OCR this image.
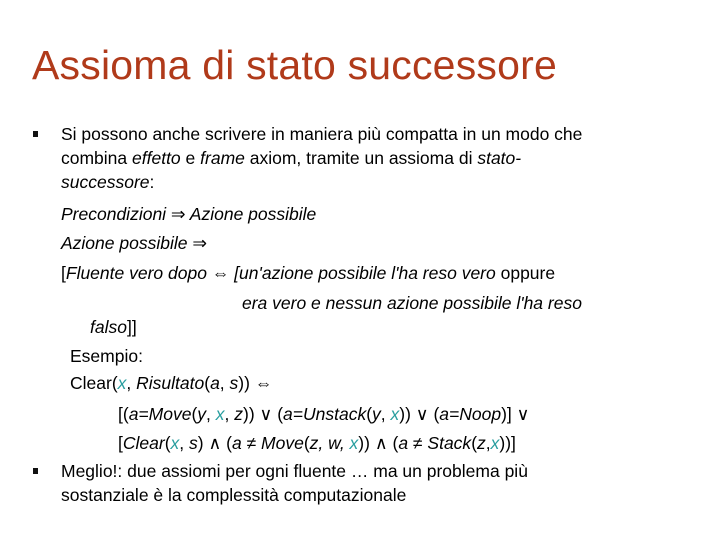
Assioma di stato successore
Si possono anche scrivere in maniera più compatta in un modo che
combina effetto e frame axiom, tramite un assioma di stato-
successore:
Precondizioni ⇒ Azione possibile
Azione possibile ⇒
[Fluente vero dopo ⇔ [un'azione possibile l'ha reso vero oppure
era vero e nessun azione possibile l'ha reso
falso]]
Esempio:
Clear(x, Risultato(a, s)) ⇔
[(a=Move(y, x, z)) ∨ (a=Unstack(y, x)) ∨ (a=Noop)] ∨
[Clear(x, s) ∧ (a ≠ Move(z, w, x)) ∧ (a ≠ Stack(z,x))]
Meglio!: due assiomi per ogni fluente … ma un problema più
sostanziale è la complessità computazionale
